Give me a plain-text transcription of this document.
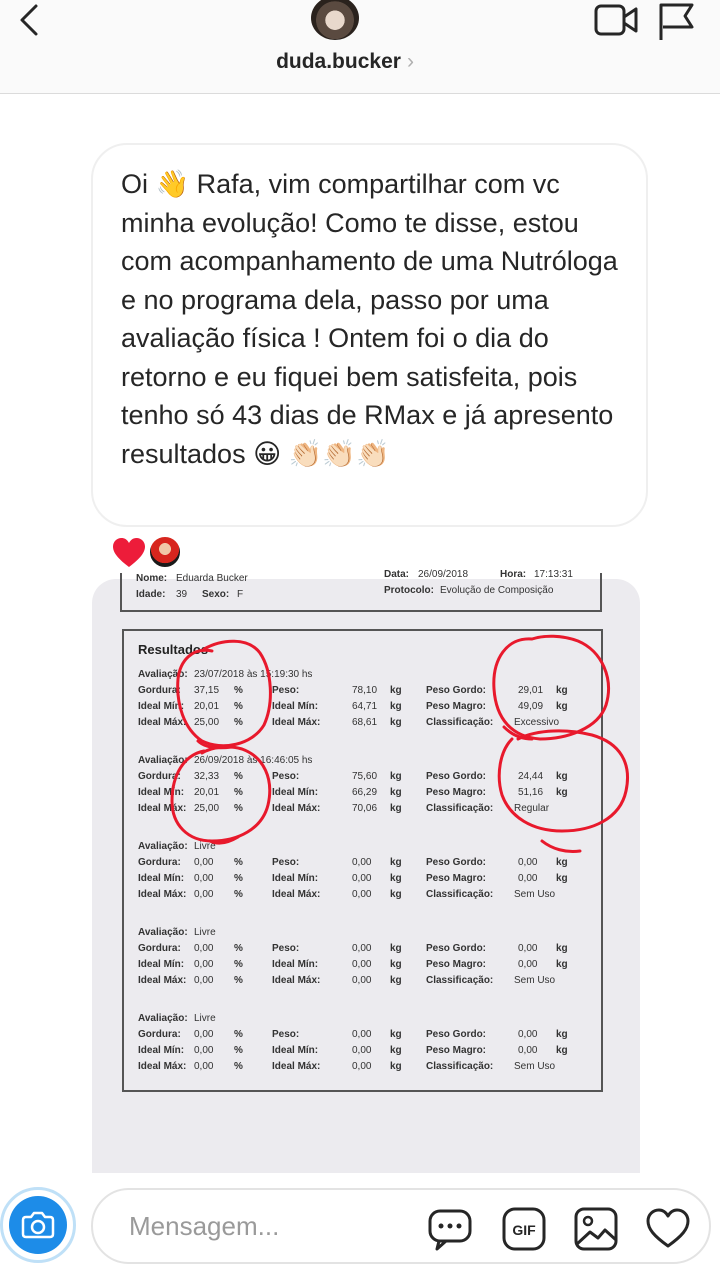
duda.bucker ›
Oi 👋 Rafa, vim compartilhar com vc minha evolução! Como te disse, estou com acompanhamento de uma Nutróloga e no programa dela, passo por uma avaliação física ! Ontem foi o dia do retorno e eu fiquei bem satisfeita, pois tenho só 43 dias de RMax e já apresento resultados 😀 👏🏻👏🏻👏🏻
Nome: Eduarda Bucker	Data: 26/09/2018	Hora: 17:13:31
Idade: 39 Sexo: F	Protocolo: Evolução de Composição
Resultados
Avaliação: 23/07/2018 às 15:19:30 hs
Gordura: 37,15 %	Peso:	78,10 kg Peso Gordo:	29,01 kg
Ideal Mín: 20,01 %	Ideal Mín:	64,71 kg Peso Magro:	49,09 kg
Ideal Máx: 25,00 %	Ideal Máx:	68,61 kg Classificação: Excessivo
Avaliação: 26/09/2018 às 16:46:05 hs
Gordura: 32,33 %	Peso:	75,60 kg Peso Gordo:	24,44 kg
Ideal Mín: 20,01 %	Ideal Mín:	66,29 kg Peso Magro:	51,16 kg
Ideal Máx: 25,00 %	Ideal Máx:	70,06 kg Classificação: Regular
Avaliação: Livre
Gordura: 0,00 %	Peso:	0,00 kg Peso Gordo:	0,00 kg
Ideal Mín: 0,00 %	Ideal Mín:	0,00 kg Peso Magro:	0,00 kg
Ideal Máx: 0,00 %	Ideal Máx:	0,00 kg Classificação: Sem Uso
Avaliação: Livre
Gordura: 0,00 %	Peso:	0,00 kg Peso Gordo:	0,00 kg
Ideal Mín: 0,00 %	Ideal Mín:	0,00 kg Peso Magro:	0,00 kg
Ideal Máx: 0,00 %	Ideal Máx:	0,00 kg Classificação: Sem Uso
Avaliação: Livre
Gordura: 0,00 %	Peso:	0,00 kg Peso Gordo:	0,00 kg
Ideal Mín: 0,00 %	Ideal Mín:	0,00 kg Peso Magro:	0,00 kg
Ideal Máx: 0,00 %	Ideal Máx:	0,00 kg Classificação: Sem Uso
Mensagem...
GIF
